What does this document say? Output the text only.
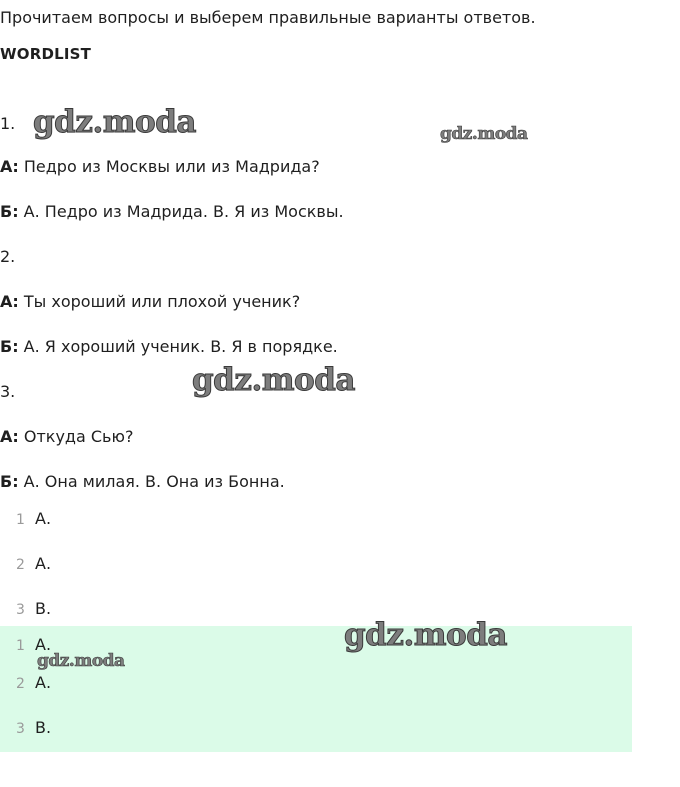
Прочитаем вопросы и выберем правильные варианты ответов.
WORDLIST
1.
А: Педро из Москвы или из Мадрида?
Б: А. Педро из Мадрида. В. Я из Москвы.
2.
А: Ты хороший или плохой ученик?
Б: А. Я хороший ученик. В. Я в порядке.
3.
А: Откуда Сью?
Б: А. Она милая. В. Она из Бонна.
1 А.
2 А.
3 В.
1 А.
2 А.
3 В.
gdz.moda	gdz.moda
gdz.moda
gdz.moda
gdz.moda
